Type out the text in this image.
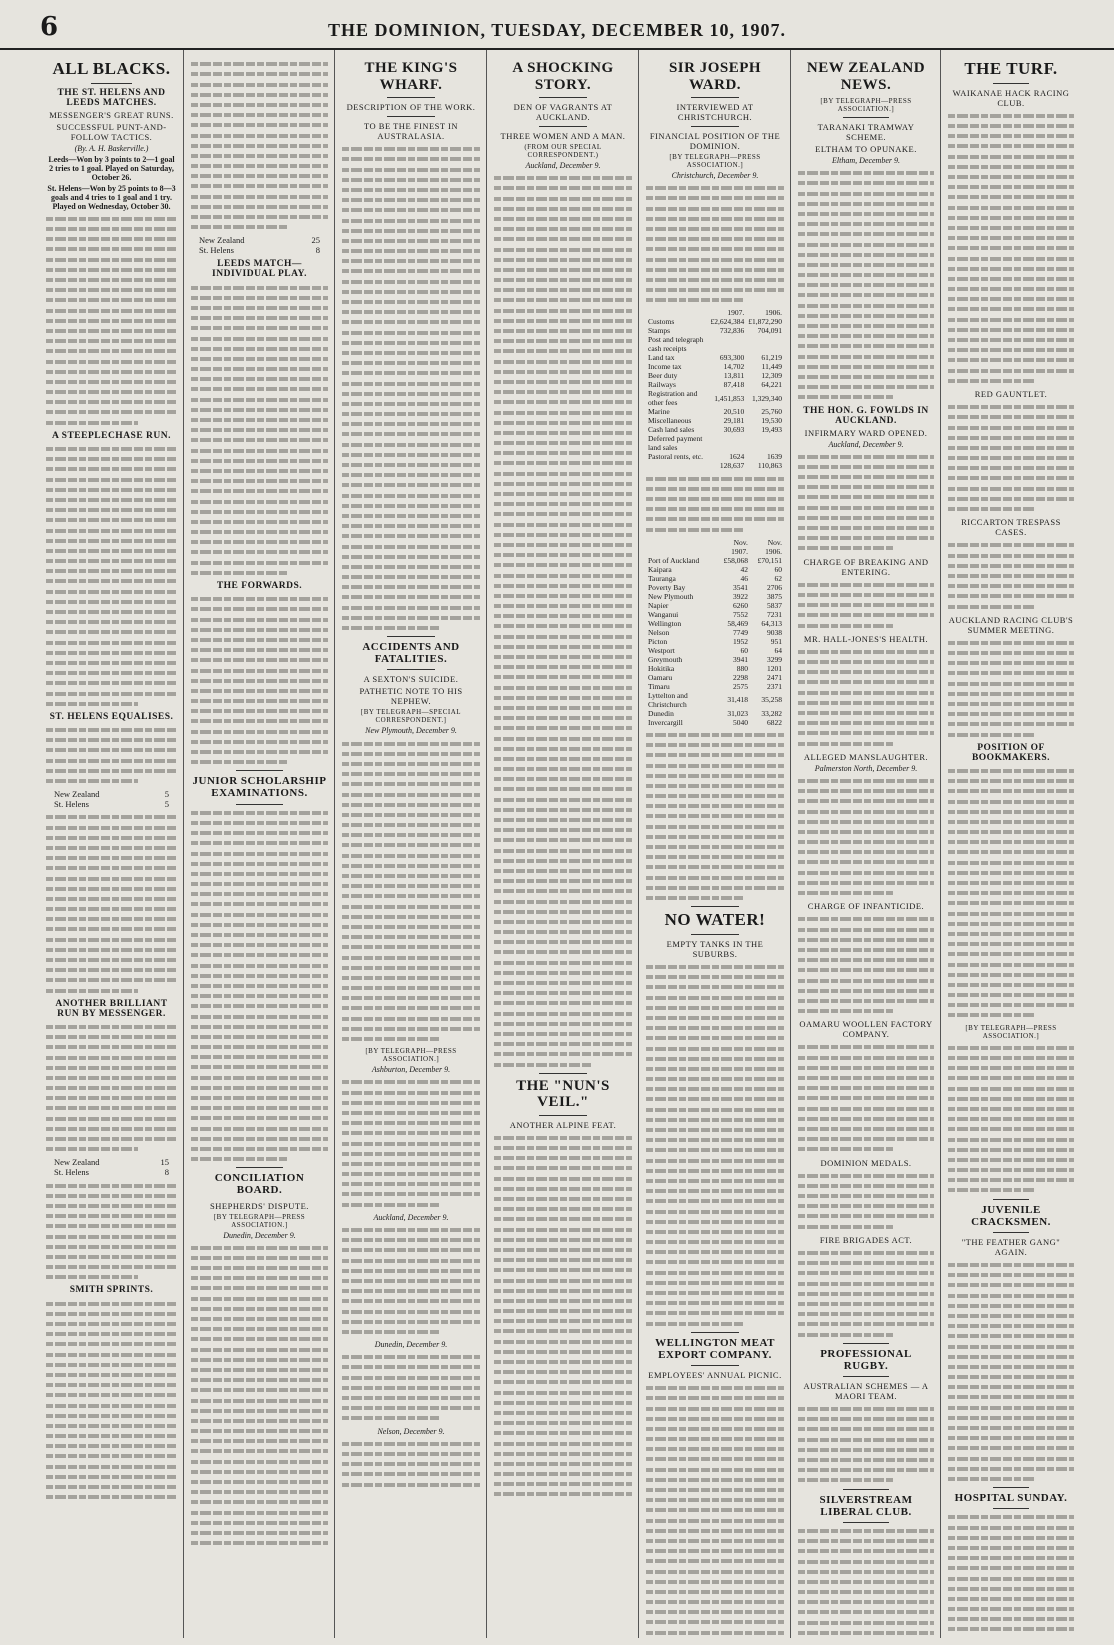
6	THE DOMINION, TUESDAY, DECEMBER 10, 1907.
ALL BLACKS.
THE ST. HELENS AND LEEDS MATCHES.
MESSENGER'S GREAT RUNS.
SUCCESSFUL PUNT-AND-FOLLOW TACTICS.
(By. A. H. Baskerville.)
Leeds—Won by 3 points to 2—1 goal 2 tries to 1 goal. Played on Saturday, October 26.
St. Helens—Won by 25 points to 8—3 goals and 4 tries to 1 goal and 1 try. Played on Wednesday, October 30.
A STEEPLECHASE RUN.
ST. HELENS EQUALISES.
New Zealand	5
St. Helens	5
ANOTHER BRILLIANT RUN BY MESSENGER.
New Zealand	15
St. Helens	8
SMITH SPRINTS.
New Zealand	25
St. Helens	8
LEEDS MATCH—INDIVIDUAL PLAY.
THE FORWARDS.
JUNIOR SCHOLARSHIP EXAMINATIONS.
CONCILIATION BOARD.
SHEPHERDS' DISPUTE.
[BY TELEGRAPH—PRESS ASSOCIATION.]
Dunedin, December 9.
THE KING'S WHARF.
DESCRIPTION OF THE WORK.
TO BE THE FINEST IN AUSTRALASIA.
ACCIDENTS AND FATALITIES.
A SEXTON'S SUICIDE.
PATHETIC NOTE TO HIS NEPHEW.
[BY TELEGRAPH—SPECIAL CORRESPONDENT.]
New Plymouth, December 9.
[BY TELEGRAPH—PRESS ASSOCIATION.]
Ashburton, December 9.
Auckland, December 9.
Dunedin, December 9.
Nelson, December 9.
A SHOCKING STORY.
DEN OF VAGRANTS AT AUCKLAND.
THREE WOMEN AND A MAN.
(FROM OUR SPECIAL CORRESPONDENT.)
Auckland, December 9.
THE "NUN'S VEIL."
ANOTHER ALPINE FEAT.
SIR JOSEPH WARD.
INTERVIEWED AT CHRISTCHURCH.
FINANCIAL POSITION OF THE DOMINION.
[BY TELEGRAPH—PRESS ASSOCIATION.]
Christchurch, December 9.
	1907.	1906.
Customs	£2,624,384	£1,872,290
Stamps	732,836	704,091
Post and telegraph cash receipts		
Land tax	693,300	61,219
Income tax	14,702	11,449
Beer duty	13,811	12,309
Railways	87,418	64,221
Registration and other fees	1,451,853	1,329,340
Marine	20,510	25,760
Miscellaneous	29,181	19,530
Cash land sales	30,693	19,493
Deferred payment land sales		
Pastoral rents, etc.	1624	1639
	128,637	110,863
	Nov. 1907.	Nov. 1906.
Port of Auckland	£58,068	£70,151
Kaipara	42	60
Tauranga	46	62
Poverty Bay	3541	2706
New Plymouth	3922	3875
Napier	6260	5837
Wanganui	7552	7231
Wellington	58,469	64,313
Nelson	7749	9038
Picton	1952	951
Westport	60	64
Greymouth	3941	3299
Hokitika	880	1201
Oamaru	2298	2471
Timaru	2575	2371
Lyttelton and Christchurch	31,418	35,258
Dunedin	31,023	33,282
Invercargill	5040	6822
NO WATER!
EMPTY TANKS IN THE SUBURBS.
WELLINGTON MEAT EXPORT COMPANY.
EMPLOYEES' ANNUAL PICNIC.
NEW ZEALAND NEWS.
[BY TELEGRAPH—PRESS ASSOCIATION.]
TARANAKI TRAMWAY SCHEME.
ELTHAM TO OPUNAKE.
Eltham, December 9.
THE HON. G. FOWLDS IN AUCKLAND.
INFIRMARY WARD OPENED.
Auckland, December 9.
CHARGE OF BREAKING AND ENTERING.
MR. HALL-JONES'S HEALTH.
ALLEGED MANSLAUGHTER.
Palmerston North, December 9.
CHARGE OF INFANTICIDE.
OAMARU WOOLLEN FACTORY COMPANY.
DOMINION MEDALS.
FIRE BRIGADES ACT.
PROFESSIONAL RUGBY.
AUSTRALIAN SCHEMES — A MAORI TEAM.
SILVERSTREAM LIBERAL CLUB.
THE TURF.
WAIKANAE HACK RACING CLUB.
RED GAUNTLET.
RICCARTON TRESPASS CASES.
AUCKLAND RACING CLUB'S SUMMER MEETING.
POSITION OF BOOKMAKERS.
[BY TELEGRAPH—PRESS ASSOCIATION.]
JUVENILE CRACKSMEN.
"THE FEATHER GANG" AGAIN.
HOSPITAL SUNDAY.
